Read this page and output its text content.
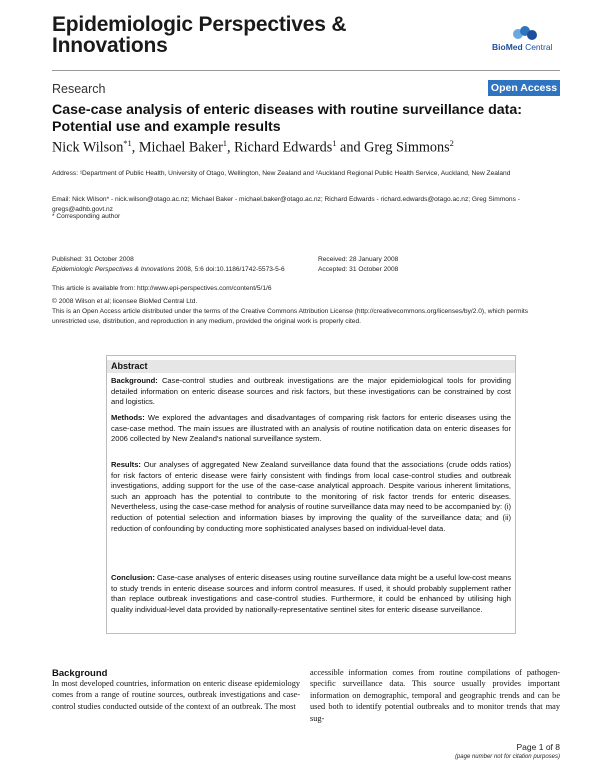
Epidemiologic Perspectives & Innovations	BioMed Central
Research	Open Access
Case-case analysis of enteric diseases with routine surveillance data: Potential use and example results
Nick Wilson$^{*1}$, Michael Baker$^1$, Richard Edwards$^1$ and Greg Simmons$^2$
Address: ¹Department of Public Health, University of Otago, Wellington, New Zealand and ²Auckland Regional Public Health Service, Auckland, New Zealand
Email: Nick Wilson* - nick.wilson@otago.ac.nz; Michael Baker - michael.baker@otago.ac.nz; Richard Edwards - richard.edwards@otago.ac.nz; Greg Simmons - gregs@adhb.govt.nz
* Corresponding author
Published: 31 October 2008
Epidemiologic Perspectives & Innovations 2008, 5:6 doi:10.1186/1742-5573-5-6
Received: 28 January 2008
Accepted: 31 October 2008
This article is available from: http://www.epi-perspectives.com/content/5/1/6
© 2008 Wilson et al; licensee BioMed Central Ltd.
This is an Open Access article distributed under the terms of the Creative Commons Attribution License (http://creativecommons.org/licenses/by/2.0), which permits unrestricted use, distribution, and reproduction in any medium, provided the original work is properly cited.
Abstract
Background: Case-control studies and outbreak investigations are the major epidemiological tools for providing detailed information on enteric disease sources and risk factors, but these investigations can be constrained by cost and logistics.
Methods: We explored the advantages and disadvantages of comparing risk factors for enteric diseases using the case-case method. The main issues are illustrated with an analysis of routine notification data on enteric diseases for 2006 collected by New Zealand's national surveillance system.
Results: Our analyses of aggregated New Zealand surveillance data found that the associations (crude odds ratios) for risk factors of enteric disease were fairly consistent with findings from local case-control studies and outbreak investigations, adding support for the use of the case-case analytical approach. Despite various inherent limitations, such an approach has the potential to contribute to the monitoring of risk factor trends for enteric diseases. Nevertheless, using the case-case method for analysis of routine surveillance data may need to be accompanied by: (i) reduction of potential selection and information biases by improving the quality of the surveillance data; and (ii) reduction of confounding by conducting more sophisticated analyses based on individual-level data.
Conclusion: Case-case analyses of enteric diseases using routine surveillance data might be a useful low-cost means to study trends in enteric disease sources and inform control measures. If used, it should probably supplement rather than replace outbreak investigations and case-control studies. Furthermore, it could be enhanced by utilising high quality individual-level data provided by nationally-representative sentinel sites for enteric disease surveillance.
Background
In most developed countries, information on enteric disease epidemiology comes from a range of routine sources, outbreak investigations and case-control studies conducted outside of the context of an outbreak. The most
accessible information comes from routine compilations of pathogen-specific surveillance data. This source usually provides important information on demographic, temporal and geographic trends and can be used both to identify potential outbreaks and to monitor trends that may sug-
Page 1 of 8
(page number not for citation purposes)
